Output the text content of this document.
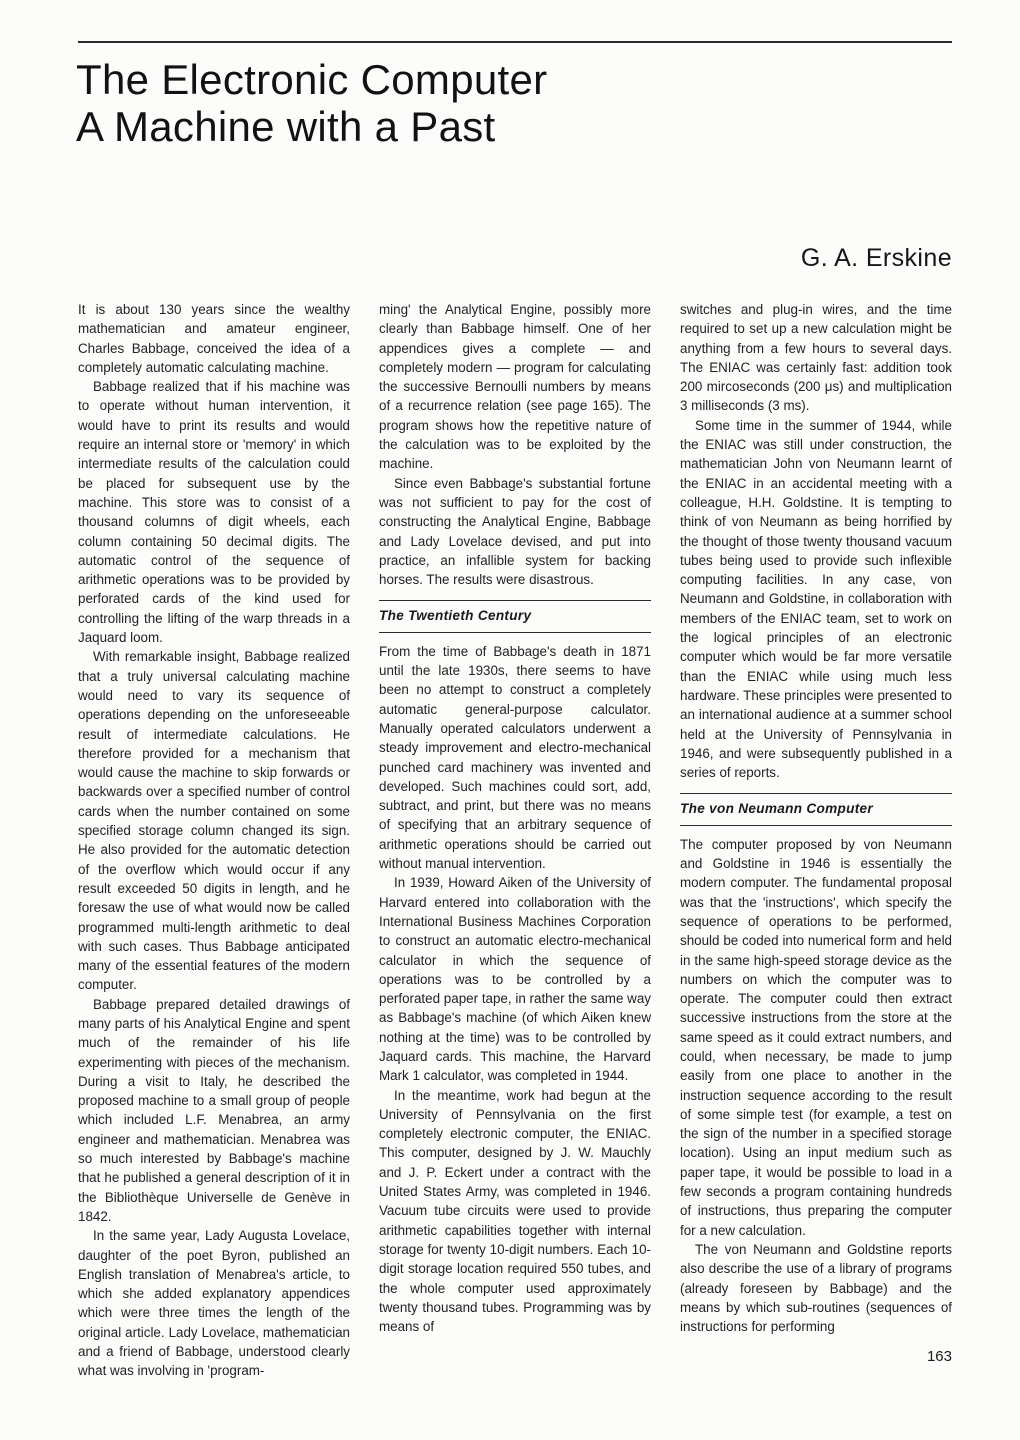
The Electronic Computer
A Machine with a Past
G. A. Erskine

It is about 130 years since the wealthy mathematician and amateur engineer, Charles Babbage, conceived the idea of a completely automatic calculating machine.

Babbage realized that if his machine was to operate without human intervention, it would have to print its results and would require an internal store or 'memory' in which intermediate results of the calculation could be placed for subsequent use by the machine. This store was to consist of a thousand columns of digit wheels, each column containing 50 decimal digits. The automatic control of the sequence of arithmetic operations was to be provided by perforated cards of the kind used for controlling the lifting of the warp threads in a Jaquard loom.

With remarkable insight, Babbage realized that a truly universal calculating machine would need to vary its sequence of operations depending on the unforeseeable result of intermediate calculations. He therefore provided for a mechanism that would cause the machine to skip forwards or backwards over a specified number of control cards when the number contained on some specified storage column changed its sign. He also provided for the automatic detection of the overflow which would occur if any result exceeded 50 digits in length, and he foresaw the use of what would now be called programmed multi-length arithmetic to deal with such cases. Thus Babbage anticipated many of the essential features of the modern computer.

Babbage prepared detailed drawings of many parts of his Analytical Engine and spent much of the remainder of his life experimenting with pieces of the mechanism. During a visit to Italy, he described the proposed machine to a small group of people which included L.F. Menabrea, an army engineer and mathematician. Menabrea was so much interested by Babbage's machine that he published a general description of it in the Bibliothèque Universelle de Genève in 1842.

In the same year, Lady Augusta Lovelace, daughter of the poet Byron, published an English translation of Menabrea's article, to which she added explanatory appendices which were three times the length of the original article. Lady Lovelace, mathematician and a friend of Babbage, understood clearly what was involving in 'program-

ming' the Analytical Engine, possibly more clearly than Babbage himself. One of her appendices gives a complete — and completely modern — program for calculating the successive Bernoulli numbers by means of a recurrence relation (see page 165). The program shows how the repetitive nature of the calculation was to be exploited by the machine.

Since even Babbage's substantial fortune was not sufficient to pay for the cost of constructing the Analytical Engine, Babbage and Lady Lovelace devised, and put into practice, an infallible system for backing horses. The results were disastrous.

The Twentieth Century

From the time of Babbage's death in 1871 until the late 1930s, there seems to have been no attempt to construct a completely automatic general-purpose calculator. Manually operated calculators underwent a steady improvement and electro-mechanical punched card machinery was invented and developed. Such machines could sort, add, subtract, and print, but there was no means of specifying that an arbitrary sequence of arithmetic operations should be carried out without manual intervention.

In 1939, Howard Aiken of the University of Harvard entered into collaboration with the International Business Machines Corporation to construct an automatic electro-mechanical calculator in which the sequence of operations was to be controlled by a perforated paper tape, in rather the same way as Babbage's machine (of which Aiken knew nothing at the time) was to be controlled by Jaquard cards. This machine, the Harvard Mark 1 calculator, was completed in 1944.

In the meantime, work had begun at the University of Pennsylvania on the first completely electronic computer, the ENIAC. This computer, designed by J. W. Mauchly and J. P. Eckert under a contract with the United States Army, was completed in 1946. Vacuum tube circuits were used to provide arithmetic capabilities together with internal storage for twenty 10-digit numbers. Each 10-digit storage location required 550 tubes, and the whole computer used approximately twenty thousand tubes. Programming was by means of

switches and plug-in wires, and the time required to set up a new calculation might be anything from a few hours to several days. The ENIAC was certainly fast: addition took 200 mircoseconds (200 μs) and multiplication 3 milliseconds (3 ms).

Some time in the summer of 1944, while the ENIAC was still under construction, the mathematician John von Neumann learnt of the ENIAC in an accidental meeting with a colleague, H.H. Goldstine. It is tempting to think of von Neumann as being horrified by the thought of those twenty thousand vacuum tubes being used to provide such inflexible computing facilities. In any case, von Neumann and Goldstine, in collaboration with members of the ENIAC team, set to work on the logical principles of an electronic computer which would be far more versatile than the ENIAC while using much less hardware. These principles were presented to an international audience at a summer school held at the University of Pennsylvania in 1946, and were subsequently published in a series of reports.

The von Neumann Computer

The computer proposed by von Neumann and Goldstine in 1946 is essentially the modern computer. The fundamental proposal was that the 'instructions', which specify the sequence of operations to be performed, should be coded into numerical form and held in the same high-speed storage device as the numbers on which the computer was to operate. The computer could then extract successive instructions from the store at the same speed as it could extract numbers, and could, when necessary, be made to jump easily from one place to another in the instruction sequence according to the result of some simple test (for example, a test on the sign of the number in a specified storage location). Using an input medium such as paper tape, it would be possible to load in a few seconds a program containing hundreds of instructions, thus preparing the computer for a new calculation.

The von Neumann and Goldstine reports also describe the use of a library of programs (already foreseen by Babbage) and the means by which sub-routines (sequences of instructions for performing

163
